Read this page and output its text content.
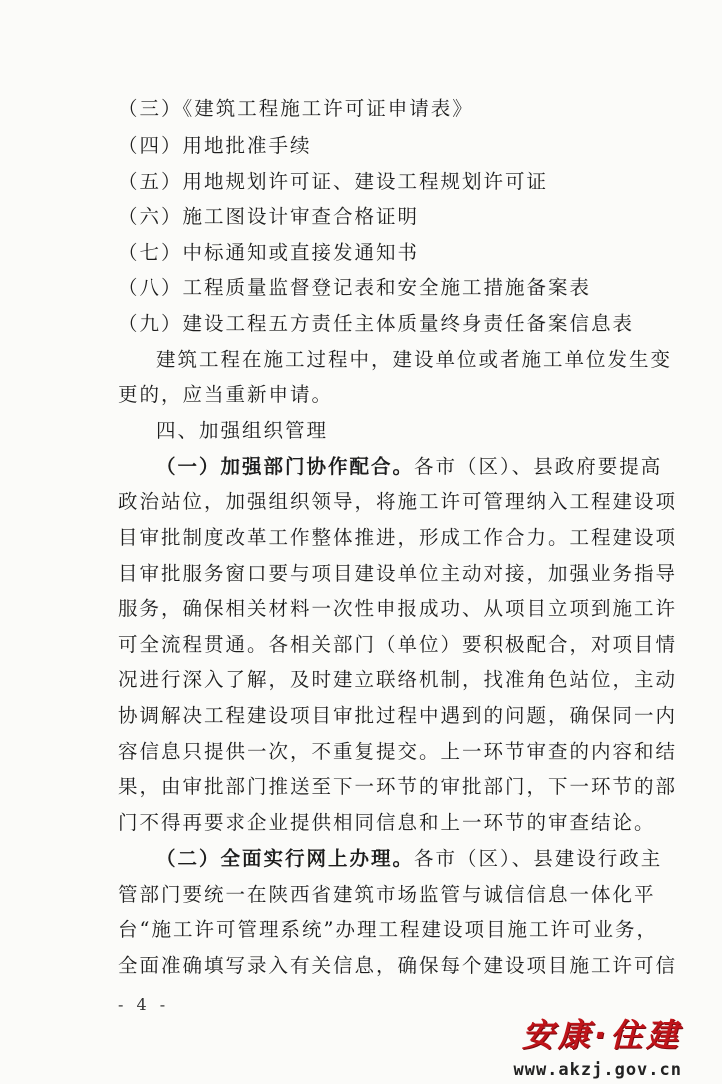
（三）《建筑工程施工许可证申请表》
（四）用地批准手续
（五）用地规划许可证、建设工程规划许可证
（六）施工图设计审查合格证明
（七）中标通知或直接发通知书
（八）工程质量监督登记表和安全施工措施备案表
（九）建设工程五方责任主体质量终身责任备案信息表
建筑工程在施工过程中，建设单位或者施工单位发生变
更的，应当重新申请。
四、加强组织管理
（一）加强部门协作配合。各市（区）、县政府要提高
政治站位，加强组织领导，将施工许可管理纳入工程建设项
目审批制度改革工作整体推进，形成工作合力。工程建设项
目审批服务窗口要与项目建设单位主动对接，加强业务指导
服务，确保相关材料一次性申报成功、从项目立项到施工许
可全流程贯通。各相关部门（单位）要积极配合，对项目情
况进行深入了解，及时建立联络机制，找准角色站位，主动
协调解决工程建设项目审批过程中遇到的问题，确保同一内
容信息只提供一次，不重复提交。上一环节审查的内容和结
果，由审批部门推送至下一环节的审批部门，下一环节的部
门不得再要求企业提供相同信息和上一环节的审查结论。
（二）全面实行网上办理。各市（区）、县建设行政主
管部门要统一在陕西省建筑市场监管与诚信信息一体化平
台“施工许可管理系统”办理工程建设项目施工许可业务，
全面准确填写录入有关信息，确保每个建设项目施工许可信
- 4 -
安康·住建
www.akzj.gov.cn
